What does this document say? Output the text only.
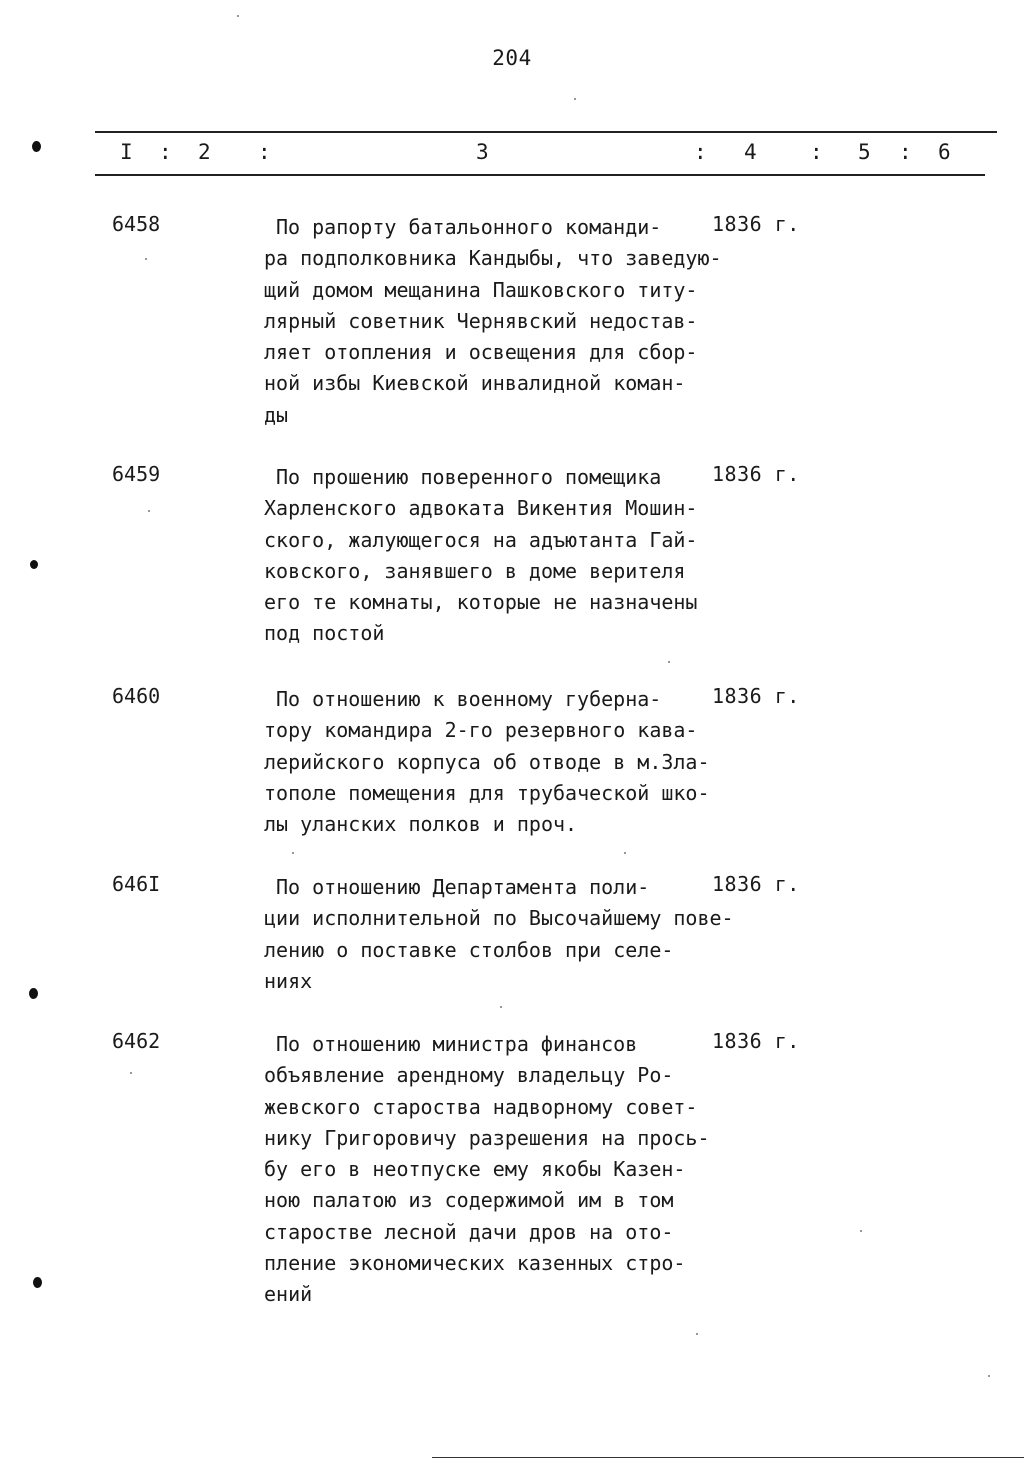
204
I : 2 :	3	: 4	: 5 : 6
6458	По рапорту батальонного команди-
ра подполковника Кандыбы, что заведую-
щий домом мещанина Пашковского титу-
лярный советник Чернявский недостав-
ляет отопления и освещения для сбор-
ной избы Киевской инвалидной коман-
ды
1836 г.
6459	По прошению поверенного помещика
Харленского адвоката Викентия Мошин-
ского, жалующегося на адъютанта Гай-
ковского, занявшего в доме верителя
его те комнаты, которые не назначены
под постой
1836 г.
6460	По отношению к военному губерна-
тору командира 2-го резервного кава-
лерийского корпуса об отводе в м.Зла-
тополе помещения для трубаческой шко-
лы уланских полков и проч.
1836 г.
646I	По отношению Департамента поли-
ции исполнительной по Высочайшему пове-
лению о поставке столбов при селе-
ниях
1836 г.
6462	По отношению министра финансов
объявление арендному владельцу Ро-
жевского староства надворному совет-
нику Григоровичу разрешения на прось-
бу его в неотпуске ему якобы Казен-
ною палатою из содержимой им в том
старостве лесной дачи дров на ото-
пление экономических казенных стро-
ений
1836 г.
